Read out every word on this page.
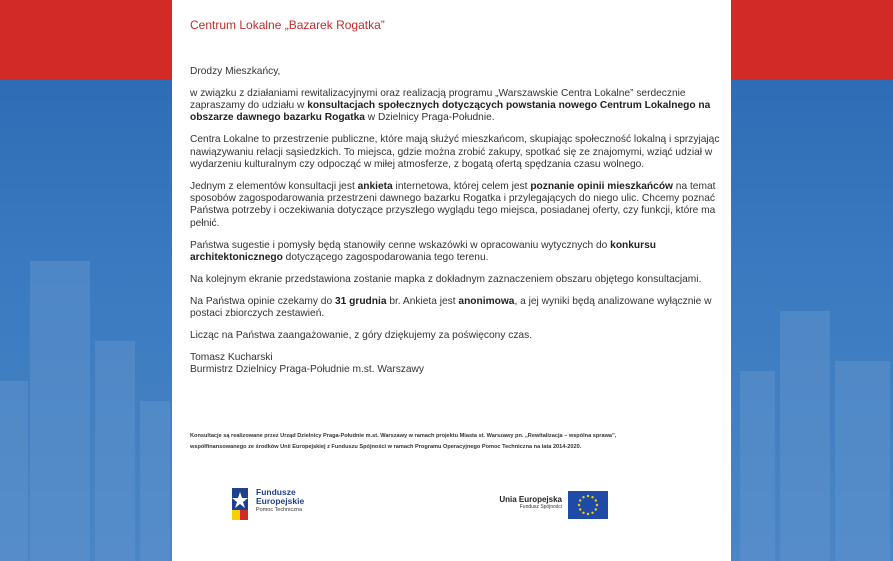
Centrum Lokalne „Bazarek Rogatka”

Drodzy Mieszkańcy,

w związku z działaniami rewitalizacyjnymi oraz realizacją programu „Warszawskie Centra Lokalne” serdecznie zapraszamy do udziału w konsultacjach społecznych dotyczących powstania nowego Centrum Lokalnego na obszarze dawnego bazarku Rogatka w Dzielnicy Praga-Południe.

Centra Lokalne to przestrzenie publiczne, które mają służyć mieszkańcom, skupiając społeczność lokalną i sprzyjając nawiązywaniu relacji sąsiedzkich. To miejsca, gdzie można zrobić zakupy, spotkać się ze znajomymi, wziąć udział w wydarzeniu kulturalnym czy odpocząć w miłej atmosferze, z bogatą ofertą spędzania czasu wolnego.

Jednym z elementów konsultacji jest ankieta internetowa, której celem jest poznanie opinii mieszkańców na temat sposobów zagospodarowania przestrzeni dawnego bazarku Rogatka i przylegających do niego ulic. Chcemy poznać Państwa potrzeby i oczekiwania dotyczące przyszłego wyglądu tego miejsca, posiadanej oferty, czy funkcji, które ma pełnić.

Państwa sugestie i pomysły będą stanowiły cenne wskazówki w opracowaniu wytycznych do konkursu architektonicznego dotyczącego zagospodarowania tego terenu.

Na kolejnym ekranie przedstawiona zostanie mapka z dokładnym zaznaczeniem obszaru objętego konsultacjami.

Na Państwa opinie czekamy do 31 grudnia br. Ankieta jest anonimowa, a jej wyniki będą analizowane wyłącznie w postaci zbiorczych zestawień.

Licząc na Państwa zaangażowanie, z góry dziękujemy za poświęcony czas.

Tomasz Kucharski
Burmistrz Dzielnicy Praga-Południe m.st. Warszawy

Konsultacje są realizowane przez Urząd Dzielnicy Praga-Południe m.st. Warszawy w ramach projektu Miasta st. Warszawy pn. „Rewitalizacja – wspólna sprawa”,
współfinansowanego ze środków Unii Europejskiej z Funduszu Spójności w ramach Programu Operacyjnego Pomoc Techniczna na lata 2014-2020.
Fundusze
Europejskie
Pomoc Techniczna
Unia Europejska
Fundusz Spójności
